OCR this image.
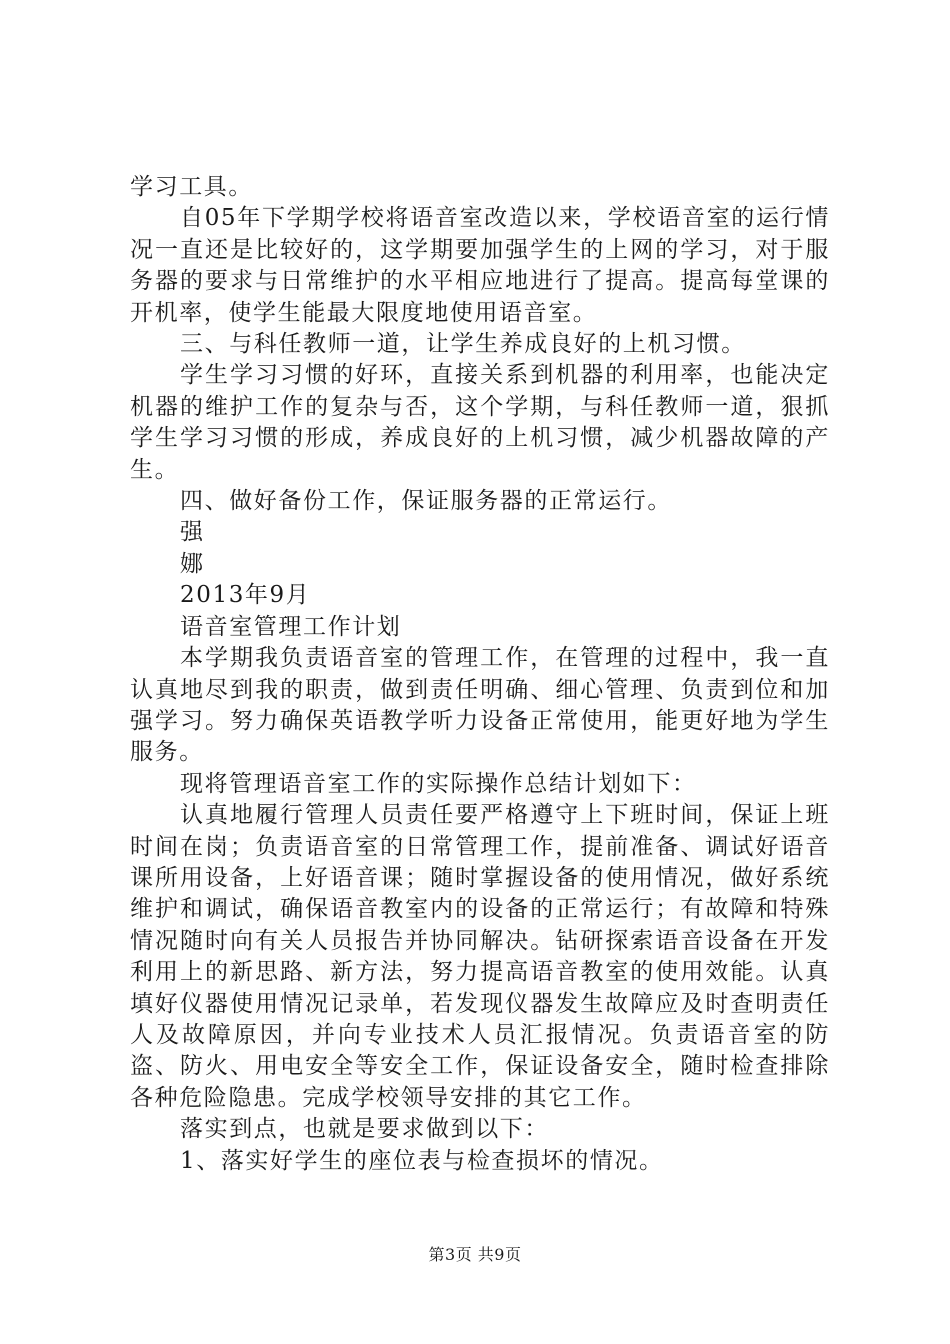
学习工具。

自05年下学期学校将语音室改造以来，学校语音室的运行情况一直还是比较好的，这学期要加强学生的上网的学习，对于服务器的要求与日常维护的水平相应地进行了提高。提高每堂课的开机率，使学生能最大限度地使用语音室。

三、与科任教师一道，让学生养成良好的上机习惯。

学生学习习惯的好环，直接关系到机器的利用率，也能决定机器的维护工作的复杂与否，这个学期，与科任教师一道，狠抓学生学习习惯的形成，养成良好的上机习惯，减少机器故障的产生。

四、做好备份工作，保证服务器的正常运行。

强

娜

2013年9月

语音室管理工作计划

本学期我负责语音室的管理工作，在管理的过程中，我一直认真地尽到我的职责，做到责任明确、细心管理、负责到位和加强学习。努力确保英语教学听力设备正常使用，能更好地为学生服务。

现将管理语音室工作的实际操作总结计划如下：

认真地履行管理人员责任要严格遵守上下班时间，保证上班时间在岗；负责语音室的日常管理工作，提前准备、调试好语音课所用设备，上好语音课；随时掌握设备的使用情况，做好系统维护和调试，确保语音教室内的设备的正常运行；有故障和特殊情况随时向有关人员报告并协同解决。钻研探索语音设备在开发利用上的新思路、新方法，努力提高语音教室的使用效能。认真填好仪器使用情况记录单，若发现仪器发生故障应及时查明责任人及故障原因，并向专业技术人员汇报情况。负责语音室的防盗、防火、用电安全等安全工作，保证设备安全，随时检查排除各种危险隐患。完成学校领导安排的其它工作。

落实到点，也就是要求做到以下：

1、落实好学生的座位表与检查损坏的情况。

第3页 共9页
